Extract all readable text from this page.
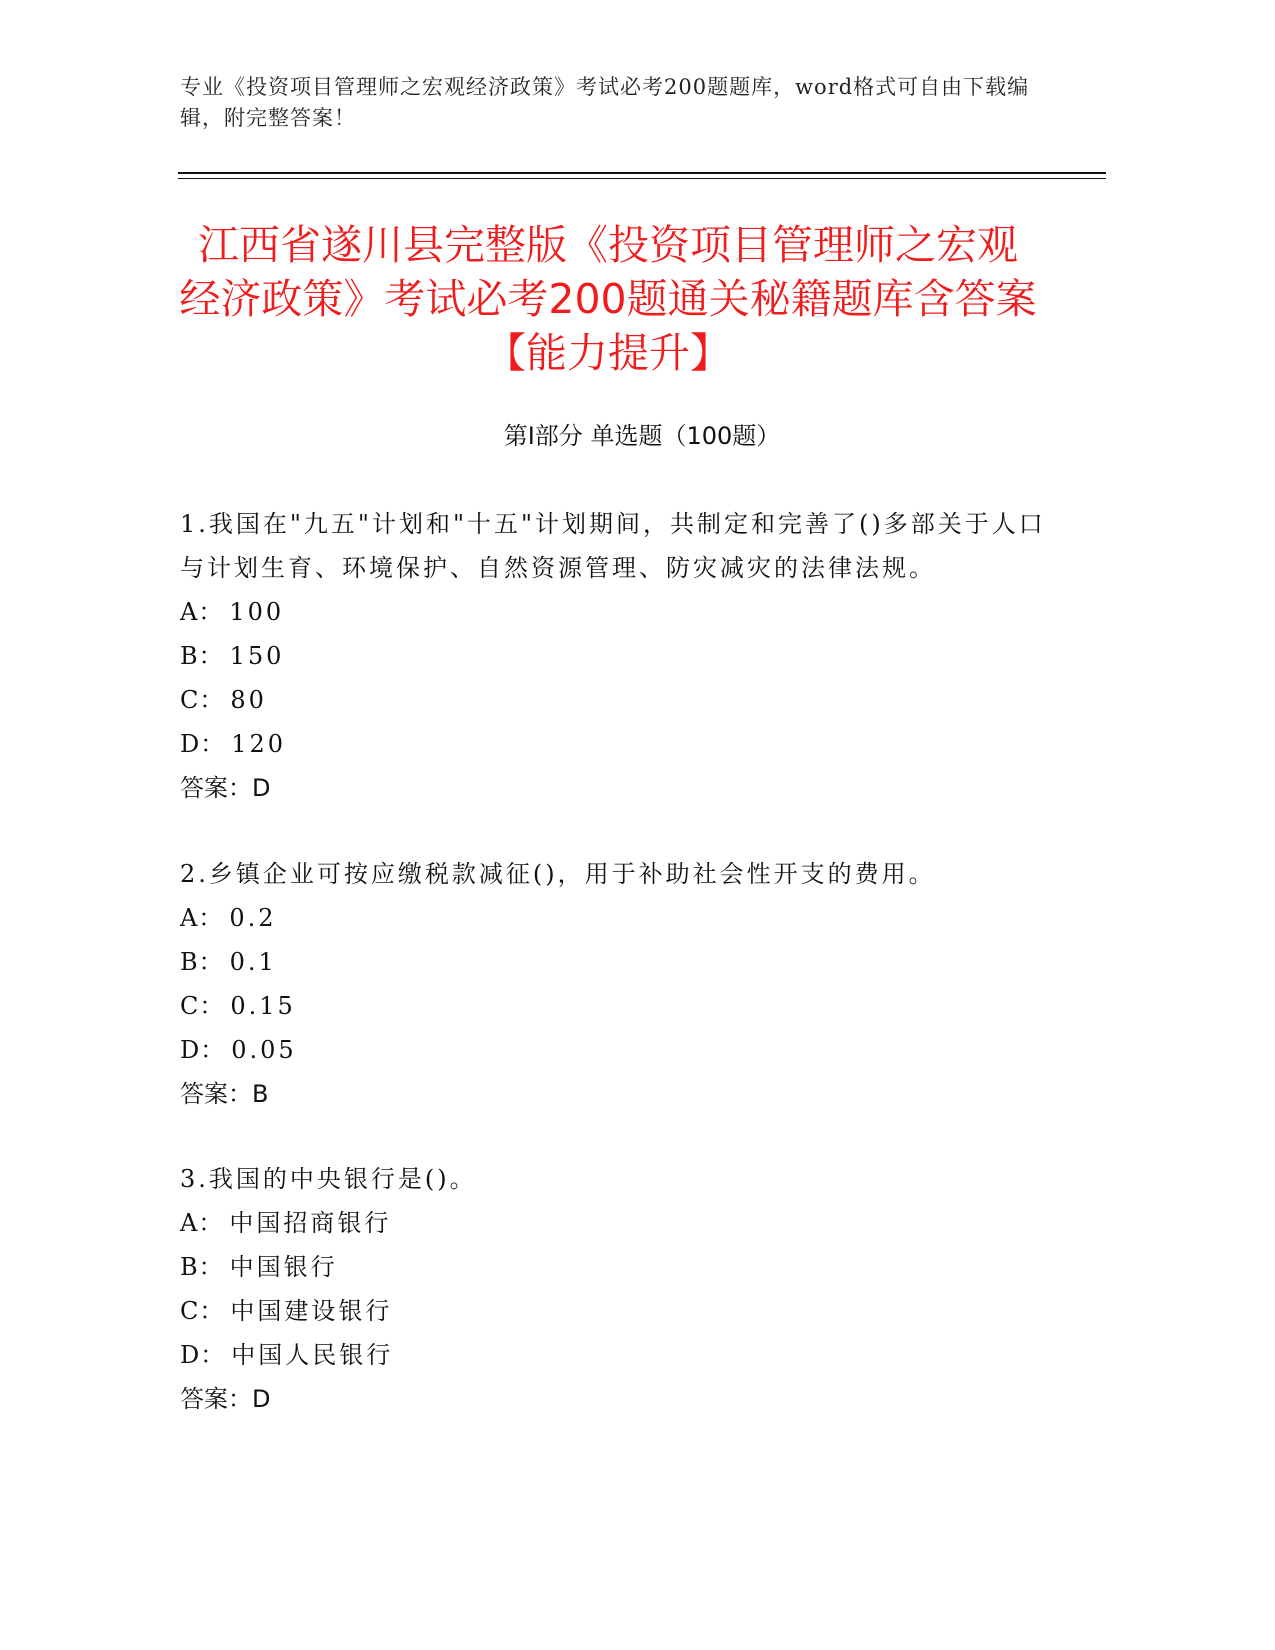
专业《投资项目管理师之宏观经济政策》考试必考200题题库，word格式可自由下载编辑，附完整答案！
江西省遂川县完整版《投资项目管理师之宏观经济政策》考试必考200题通关秘籍题库含答案【能力提升】
第I部分 单选题（100题）
1.我国在"九五"计划和"十五"计划期间，共制定和完善了()多部关于人口与计划生育、环境保护、自然资源管理、防灾减灾的法律法规。
A： 100
B： 150
C： 80
D： 120
答案：D
2.乡镇企业可按应缴税款减征()，用于补助社会性开支的费用。
A： 0.2
B： 0.1
C： 0.15
D： 0.05
答案：B
3.我国的中央银行是()。
A： 中国招商银行
B： 中国银行
C： 中国建设银行
D： 中国人民银行
答案：D
